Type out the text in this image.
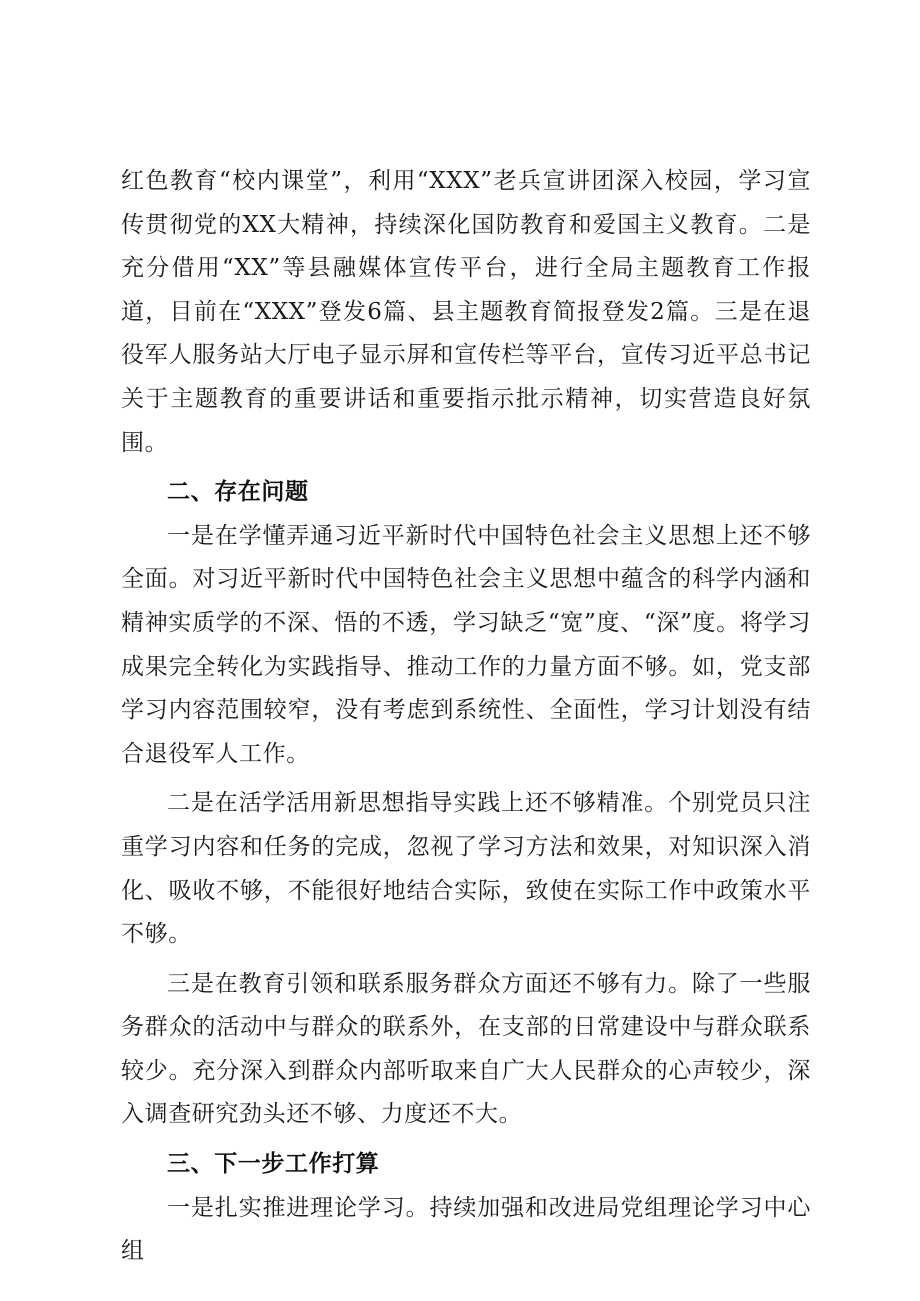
红色教育“校内课堂”，利用“XXX”老兵宣讲团深入校园，学习宣传贯彻党的XX大精神，持续深化国防教育和爱国主义教育。二是充分借用“XX”等县融媒体宣传平台，进行全局主题教育工作报道，目前在“XXX”登发6篇、县主题教育简报登发2篇。三是在退役军人服务站大厅电子显示屏和宣传栏等平台，宣传习近平总书记关于主题教育的重要讲话和重要指示批示精神，切实营造良好氛围。

二、存在问题

一是在学懂弄通习近平新时代中国特色社会主义思想上还不够全面。对习近平新时代中国特色社会主义思想中蕴含的科学内涵和精神实质学的不深、悟的不透，学习缺乏“宽”度、“深”度。将学习成果完全转化为实践指导、推动工作的力量方面不够。如，党支部学习内容范围较窄，没有考虑到系统性、全面性，学习计划没有结合退役军人工作。

二是在活学活用新思想指导实践上还不够精准。个别党员只注重学习内容和任务的完成，忽视了学习方法和效果，对知识深入消化、吸收不够，不能很好地结合实际，致使在实际工作中政策水平不够。

三是在教育引领和联系服务群众方面还不够有力。除了一些服务群众的活动中与群众的联系外，在支部的日常建设中与群众联系较少。充分深入到群众内部听取来自广大人民群众的心声较少，深入调查研究劲头还不够、力度还不大。

三、下一步工作打算

一是扎实推进理论学习。持续加强和改进局党组理论学习中心组
